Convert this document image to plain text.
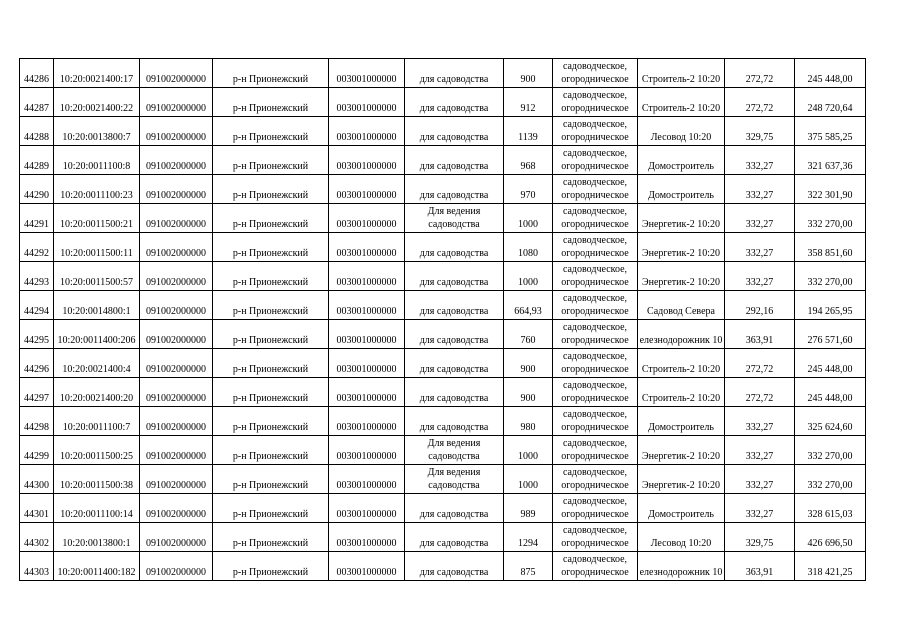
44286	10:20:0021400:17	091002000000	р-н Прионежский	003001000000	для садоводства	900	садоводческое,
огородническое	Строитель-2 10:20	272,72	245 448,00
44287	10:20:0021400:22	091002000000	р-н Прионежский	003001000000	для садоводства	912	садоводческое,
огородническое	Строитель-2 10:20	272,72	248 720,64
44288	10:20:0013800:7	091002000000	р-н Прионежский	003001000000	для садоводства	1139	садоводческое,
огородническое	Лесовод 10:20	329,75	375 585,25
44289	10:20:0011100:8	091002000000	р-н Прионежский	003001000000	для садоводства	968	садоводческое,
огородническое	Домостроитель	332,27	321 637,36
44290	10:20:0011100:23	091002000000	р-н Прионежский	003001000000	для садоводства	970	садоводческое,
огородническое	Домостроитель	332,27	322 301,90
44291	10:20:0011500:21	091002000000	р-н Прионежский	003001000000	Для ведения
садоводства	1000	садоводческое,
огородническое	Энергетик-2 10:20	332,27	332 270,00
44292	10:20:0011500:11	091002000000	р-н Прионежский	003001000000	для садоводства	1080	садоводческое,
огородническое	Энергетик-2 10:20	332,27	358 851,60
44293	10:20:0011500:57	091002000000	р-н Прионежский	003001000000	для садоводства	1000	садоводческое,
огородническое	Энергетик-2 10:20	332,27	332 270,00
44294	10:20:0014800:1	091002000000	р-н Прионежский	003001000000	для садоводства	664,93	садоводческое,
огородническое	Садовод Севера	292,16	194 265,95
44295	10:20:0011400:206	091002000000	р-н Прионежский	003001000000	для садоводства	760	садоводческое,
огородническое	елезнодорожник 10	363,91	276 571,60
44296	10:20:0021400:4	091002000000	р-н Прионежский	003001000000	для садоводства	900	садоводческое,
огородническое	Строитель-2 10:20	272,72	245 448,00
44297	10:20:0021400:20	091002000000	р-н Прионежский	003001000000	для садоводства	900	садоводческое,
огородническое	Строитель-2 10:20	272,72	245 448,00
44298	10:20:0011100:7	091002000000	р-н Прионежский	003001000000	для садоводства	980	садоводческое,
огородническое	Домостроитель	332,27	325 624,60
44299	10:20:0011500:25	091002000000	р-н Прионежский	003001000000	Для ведения
садоводства	1000	садоводческое,
огородническое	Энергетик-2 10:20	332,27	332 270,00
44300	10:20:0011500:38	091002000000	р-н Прионежский	003001000000	Для ведения
садоводства	1000	садоводческое,
огородническое	Энергетик-2 10:20	332,27	332 270,00
44301	10:20:0011100:14	091002000000	р-н Прионежский	003001000000	для садоводства	989	садоводческое,
огородническое	Домостроитель	332,27	328 615,03
44302	10:20:0013800:1	091002000000	р-н Прионежский	003001000000	для садоводства	1294	садоводческое,
огородническое	Лесовод 10:20	329,75	426 696,50
44303	10:20:0011400:182	091002000000	р-н Прионежский	003001000000	для садоводства	875	садоводческое,
огородническое	елезнодорожник 10	363,91	318 421,25
